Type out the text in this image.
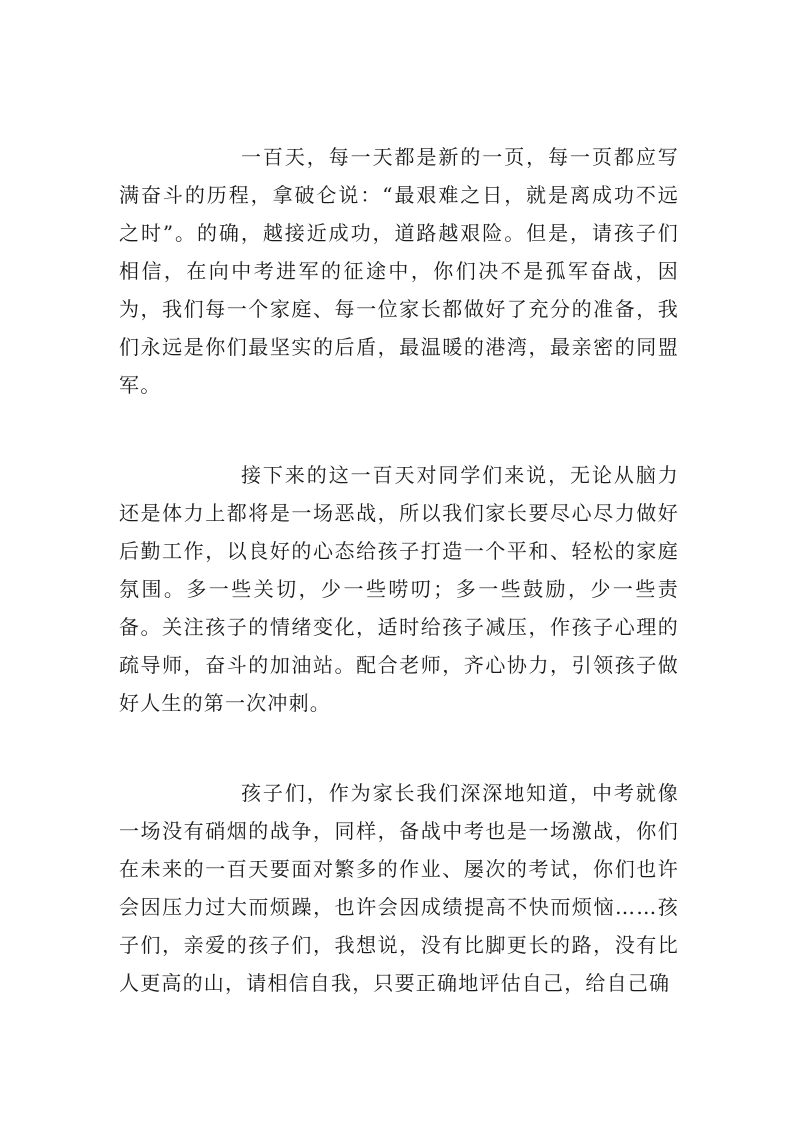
一百天，每一天都是新的一页，每一页都应写满奋斗的历程，拿破仑说：“最艰难之日，就是离成功不远之时”。的确，越接近成功，道路越艰险。但是，请孩子们相信，在向中考进军的征途中，你们决不是孤军奋战，因为，我们每一个家庭、每一位家长都做好了充分的准备，我们永远是你们最坚实的后盾，最温暖的港湾，最亲密的同盟军。

接下来的这一百天对同学们来说，无论从脑力还是体力上都将是一场恶战，所以我们家长要尽心尽力做好后勤工作，以良好的心态给孩子打造一个平和、轻松的家庭氛围。多一些关切，少一些唠叨；多一些鼓励，少一些责备。关注孩子的情绪变化，适时给孩子减压，作孩子心理的疏导师，奋斗的加油站。配合老师，齐心协力，引领孩子做好人生的第一次冲刺。

孩子们，作为家长我们深深地知道，中考就像一场没有硝烟的战争，同样，备战中考也是一场激战，你们在未来的一百天要面对繁多的作业、屡次的考试，你们也许会因压力过大而烦躁，也许会因成绩提高不快而烦恼……孩子们，亲爱的孩子们，我想说，没有比脚更长的路，没有比人更高的山，请相信自我，只要正确地评估自己，给自己确
